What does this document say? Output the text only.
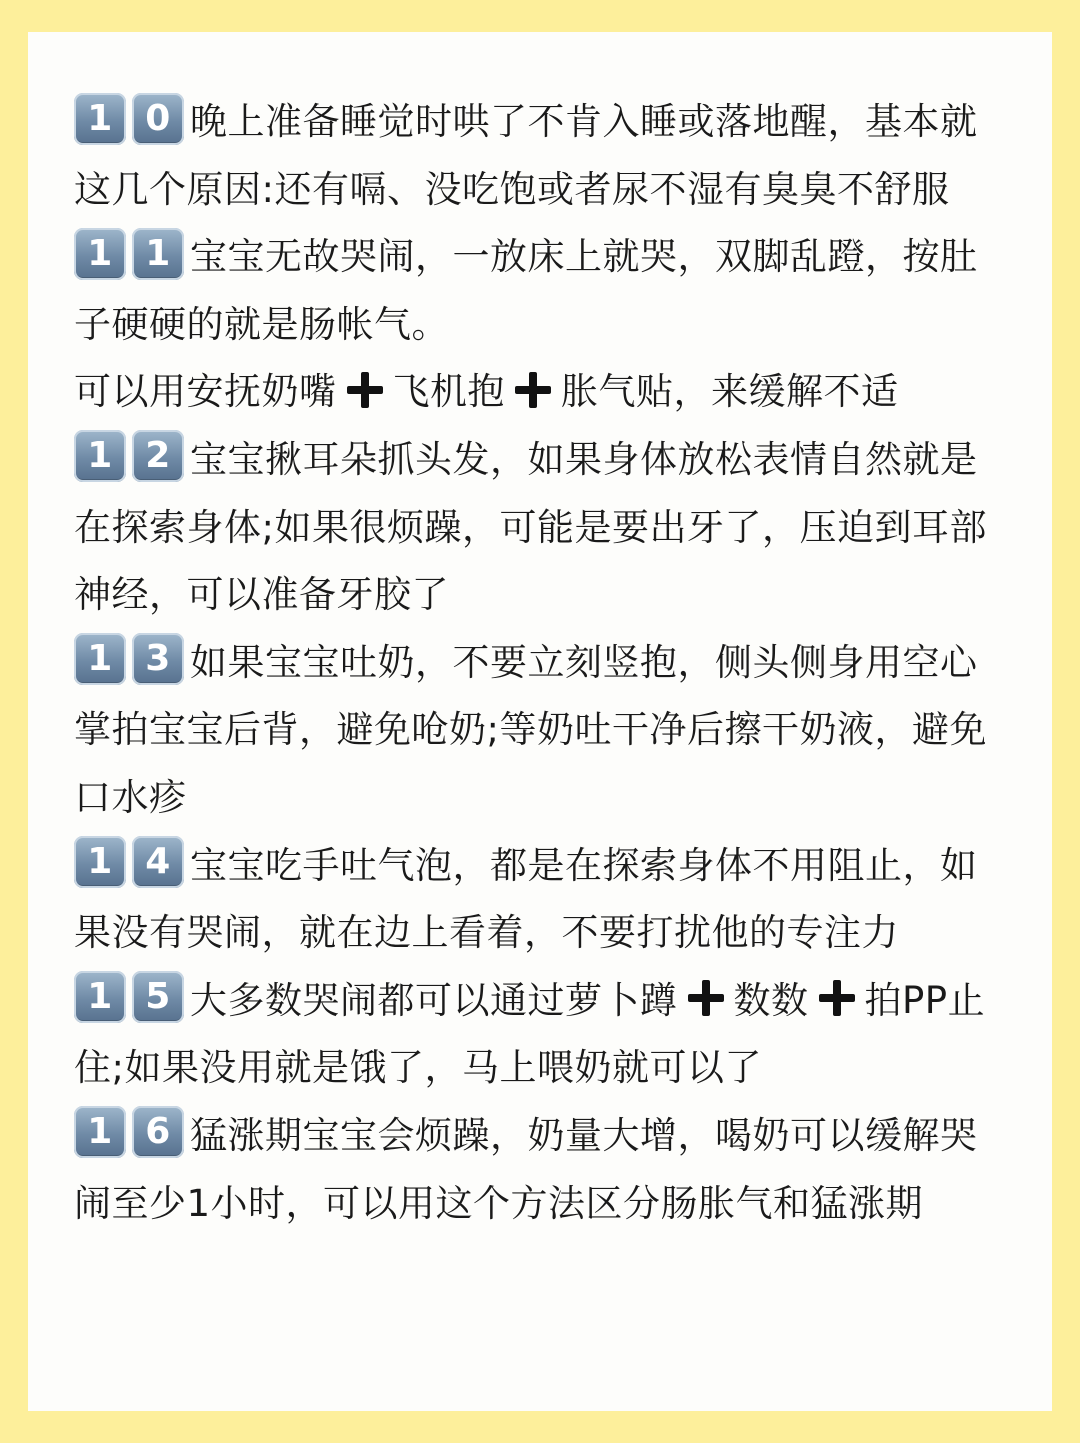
1 0 晚上准备睡觉时哄了不肯入睡或落地醒，基本就这几个原因:还有嗝、没吃饱或者尿不湿有臭臭不舒服

1 1 宝宝无故哭闹，一放床上就哭，双脚乱蹬，按肚子硬硬的就是肠帐气。

可以用安抚奶嘴 飞机抱 胀气贴，来缓解不适

1 2 宝宝揪耳朵抓头发，如果身体放松表情自然就是在探索身体;如果很烦躁，可能是要出牙了，压迫到耳部神经，可以准备牙胶了

1 3 如果宝宝吐奶，不要立刻竖抱，侧头侧身用空心掌拍宝宝后背，避免呛奶;等奶吐干净后擦干奶液，避免口水疹

1 4 宝宝吃手吐气泡，都是在探索身体不用阻止，如果没有哭闹，就在边上看着，不要打扰他的专注力

1 5 大多数哭闹都可以通过萝卜蹲 数数 拍PP止住;如果没用就是饿了，马上喂奶就可以了

1 6 猛涨期宝宝会烦躁，奶量大增，喝奶可以缓解哭闹至少1小时，可以用这个方法区分肠胀气和猛涨期
